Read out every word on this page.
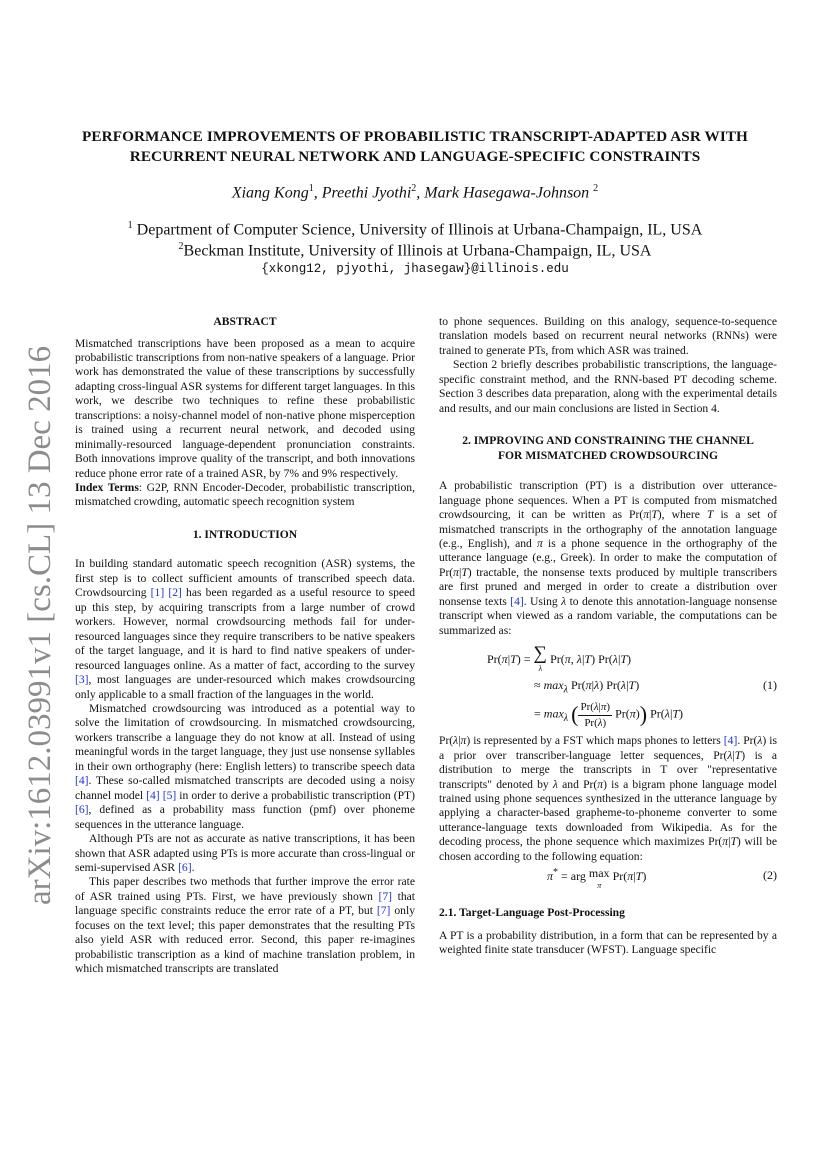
arXiv:1612.03991v1 [cs.CL] 13 Dec 2016
PERFORMANCE IMPROVEMENTS OF PROBABILISTIC TRANSCRIPT-ADAPTED ASR WITH RECURRENT NEURAL NETWORK AND LANGUAGE-SPECIFIC CONSTRAINTS
Xiang Kong$^1$, Preethi Jyothi$^2$, Mark Hasegawa-Johnson $^2$
$^1$ Department of Computer Science, University of Illinois at Urbana-Champaign, IL, USA
$^2$Beckman Institute, University of Illinois at Urbana-Champaign, IL, USA
{xkong12, pjyothi, jhasegaw}@illinois.edu
ABSTRACT

Mismatched transcriptions have been proposed as a mean to acquire probabilistic transcriptions from non-native speakers of a language. Prior work has demonstrated the value of these transcriptions by successfully adapting cross-lingual ASR systems for different target languages. In this work, we describe two techniques to refine these probabilistic transcriptions: a noisy-channel model of non-native phone misperception is trained using a recurrent neural network, and decoded using minimally-resourced language-dependent pronunciation constraints. Both innovations improve quality of the transcript, and both innovations reduce phone error rate of a trained ASR, by 7% and 9% respectively.

Index Terms: G2P, RNN Encoder-Decoder, probabilistic transcription, mismatched crowding, automatic speech recognition system

1. INTRODUCTION

In building standard automatic speech recognition (ASR) systems, the first step is to collect sufficient amounts of transcribed speech data. Crowdsourcing [1] [2] has been regarded as a useful resource to speed up this step, by acquiring transcripts from a large number of crowd workers. However, normal crowdsourcing methods fail for under-resourced languages since they require transcribers to be native speakers of the target language, and it is hard to find native speakers of under-resourced languages online. As a matter of fact, according to the survey [3], most languages are under-resourced which makes crowdsourcing only applicable to a small fraction of the languages in the world.

Mismatched crowdsourcing was introduced as a potential way to solve the limitation of crowdsourcing. In mismatched crowdsourcing, workers transcribe a language they do not know at all. Instead of using meaningful words in the target language, they just use nonsense syllables in their own orthography (here: English letters) to transcribe speech data [4]. These so-called mismatched transcripts are decoded using a noisy channel model [4] [5] in order to derive a probabilistic transcription (PT) [6], defined as a probability mass function (pmf) over phoneme sequences in the utterance language.

Although PTs are not as accurate as native transcriptions, it has been shown that ASR adapted using PTs is more accurate than cross-lingual or semi-supervised ASR [6].

This paper describes two methods that further improve the error rate of ASR trained using PTs. First, we have previously shown [7] that language specific constraints reduce the error rate of a PT, but [7] only focuses on the text level; this paper demonstrates that the resulting PTs also yield ASR with reduced error. Second, this paper re-imagines probabilistic transcription as a kind of machine translation problem, in which mismatched transcripts are translated

to phone sequences. Building on this analogy, sequence-to-sequence translation models based on recurrent neural networks (RNNs) were trained to generate PTs, from which ASR was trained.

Section 2 briefly describes probabilistic transcriptions, the language-specific constraint method, and the RNN-based PT decoding scheme. Section 3 describes data preparation, along with the experimental details and results, and our main conclusions are listed in Section 4.

2. IMPROVING AND CONSTRAINING THE CHANNEL
FOR MISMATCHED CROWDSOURCING

A probabilistic transcription (PT) is a distribution over utterance-language phone sequences. When a PT is computed from mismatched crowdsourcing, it can be written as Pr(π|T), where T is a set of mismatched transcripts in the orthography of the annotation language (e.g., English), and π is a phone sequence in the orthography of the utterance language (e.g., Greek). In order to make the computation of Pr(π|T) tractable, the nonsense texts produced by multiple transcribers are first pruned and merged in order to create a distribution over nonsense texts [4]. Using λ to denote this annotation-language nonsense transcript when viewed as a random variable, the computations can be summarized as:

Pr(π|T) = ∑
λ
Pr(π, λ|T) Pr(λ|T)
≈ $\max_\lambda Pr(\pi|\lambda)$ Pr(λ|T)
= $\max_\lambda$ ( $\frac{Pr(\lambda|\pi)}{Pr(\lambda)} Pr(\pi)$) Pr(λ|T)
(1)

Pr(λ|π) is represented by a FST which maps phones to letters [4]. Pr(λ) is a prior over transcriber-language letter sequences, Pr(λ|T) is a distribution to merge the transcripts in T over "representative transcripts" denoted by λ and Pr(π) is a bigram phone language model trained using phone sequences synthesized in the utterance language by applying a character-based grapheme-to-phoneme converter to some utterance-language texts downloaded from Wikipedia. As for the decoding process, the phone sequence which maximizes Pr(π|T) will be chosen according to the following equation:

π* = arg max
π
Pr(π|T)	(2)
2.1. Target-Language Post-Processing

A PT is a probability distribution, in a form that can be represented by a weighted finite state transducer (WFST). Language specific
